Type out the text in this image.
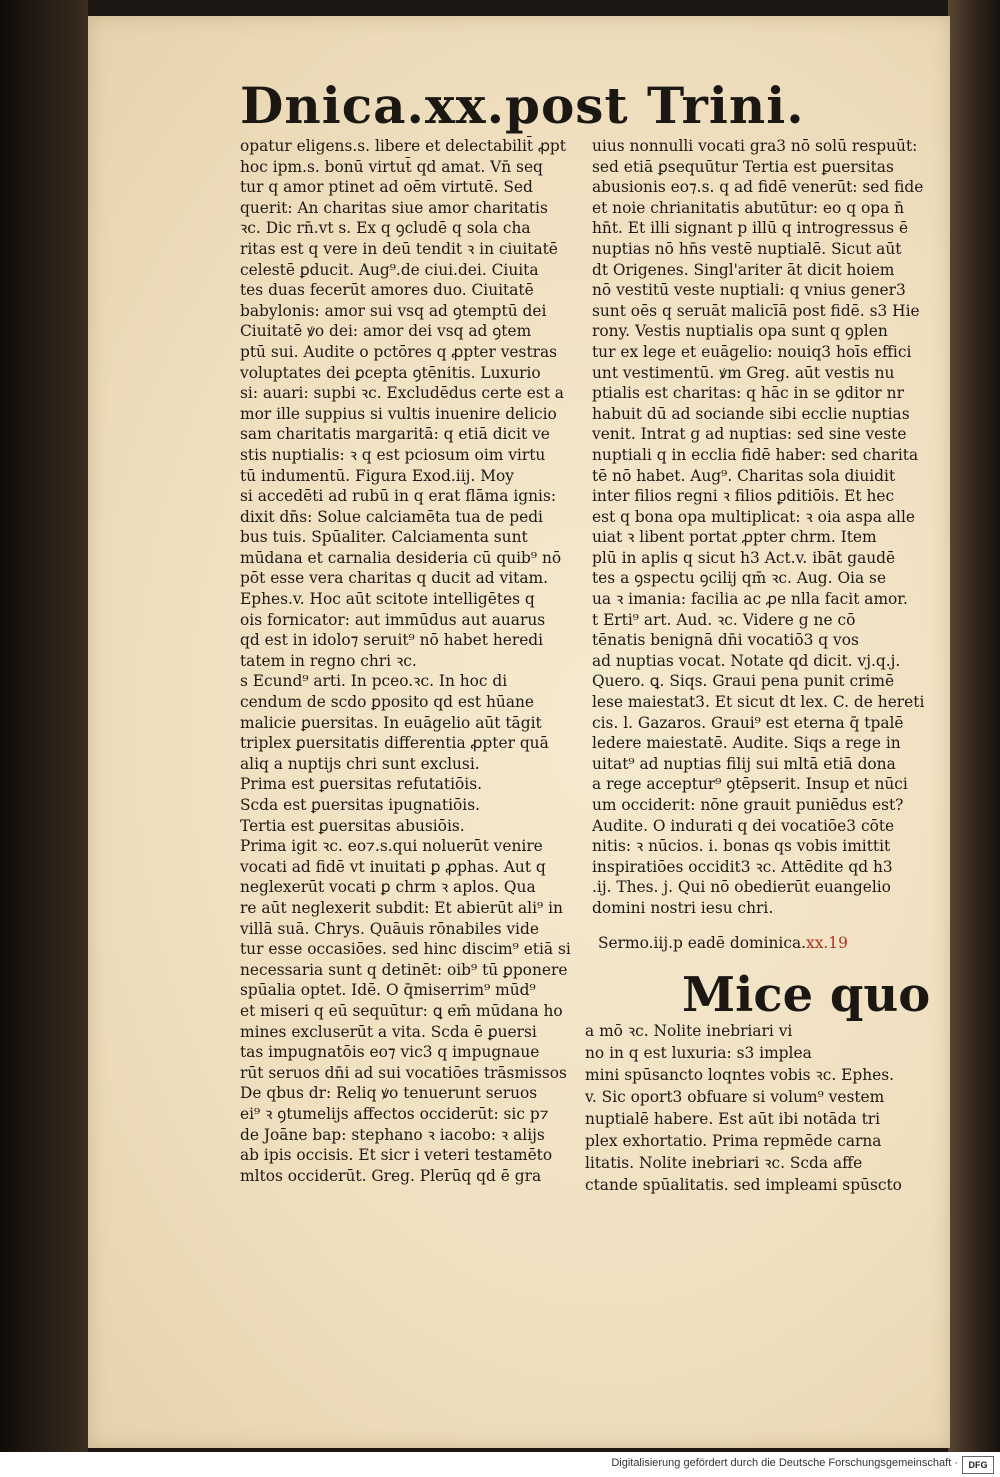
Dnica.xx.post Trini.
opatur eligens.s. libere et delectabilit̄ ꝓpt
hoc ipm.s. bonū virtut̄ qd amat. Vn̄ seq
tur q amor ptinet ad oēm virtutē. Sed
querit: An charitas siue amor charitatis
ꝛc. Dic rn̄.vt s. Ex q ꝯcludē q sola cha
ritas est q vere in deū tendit ꝛ in ciuitatē
celestē ꝑducit. Aug⁹.de ciui.dei. Ciuita
tes duas fecerūt amores duo. Ciuitatē
babylonis: amor sui vsq ad ꝯtemptū dei
Ciuitatē ꝟo dei: amor dei vsq ad ꝯtem
ptū sui. Audite o pctōres q ꝓpter vestras
voluptates dei ꝑcepta ꝯtēnitis. Luxurio
si: auari: supbi ꝛc. Excludēdus certe est a
mor ille suppius si vultis inuenire delicio
sam charitatis margaritā: q etiā dicit ve
stis nuptialis: ꝛ q est pciosum oim virtu
tū indumentū. Figura Exod.iij. Moy
si accedēti ad rubū in q erat flāma ignis:
dixit dn̄s: Solue calciamēta tua de pedi
bus tuis. Spūaliter. Calciamenta sunt
mūdana et carnalia desideria cū quib⁹ nō
pōt esse vera charitas q ducit ad vitam.
Ephes.v. Hoc aūt scitote intelligētes q
ois fornicator: aut immūdus aut auarus
qd est in idolo⁊ seruit⁹ nō habet heredi
tatem in regno chri ꝛc.
s Ecund⁹ arti. In pceo.ꝛc. In hoc di
cendum de scdo ꝑposito qd est hūane
malicie ꝑuersitas. In euāgelio aūt tāgit
triplex ꝑuersitatis differentia ꝓpter quā
aliq a nuptijs chri sunt exclusi.
Prima est ꝑuersitas refutatiōis.
Scda est ꝑuersitas ipugnatiōis.
Tertia est ꝑuersitas abusiōis.
Prima igit ꝛc. eo⁊.s.qui noluerūt venire
vocati ad fidē vt inuitati ꝑ ꝓphas. Aut q
neglexerūt vocati ꝑ chrm ꝛ aplos. Qua
re aūt neglexerit subdit: Et abierūt ali⁹ in
villā suā. Chrys. Quāuis rōnabiles vide
tur esse occasiōes. sed hinc discim⁹ etiā si
necessaria sunt q detinēt: oib⁹ tū ꝑponere
spūalia optet. Idē. O q̄miserrim⁹ mūd⁹
et miseri q eū sequūtur: ꝗ em̄ mūdana ho
mines excluserūt a vita. Scda ē ꝑuersi
tas impugnatōis eo⁊ vic3 q impugnaue
rūt seruos dn̄i ad sui vocatiōes trāsmissos
De qbus dr: Reliq ꝟo tenuerunt seruos
ei⁹ ꝛ ꝯtumelijs affectos occiderūt: sic p⁊
de Joāne bap: stephano ꝛ iacobo: ꝛ alijs
ab ipis occisis. Et sicr i veteri testamēto
mltos occiderūt. Greg. Plerūq qd ē gra
uius nonnulli vocati gra3 nō solū respuūt:
sed etiā ꝑsequūtur Tertia est ꝑuersitas
abusionis eo⁊.s. q ad fidē venerūt: sed fide
et noie chrianitatis abutūtur: eo q opa n̄
hn̄t. Et illi signant p illū q introgressus ē
nuptias nō hn̄s vestē nuptialē. Sicut aūt
dt Origenes. Singl'ariter āt dicit hoiem
nō vestitū veste nuptiali: q vnius gener3
sunt oēs q seruāt malicīā post fidē. s3 Hie
rony. Vestis nuptialis opa sunt q ꝯplen
tur ex lege et euāgelio: nouiq3 hoīs effici
unt vestimentū. ꝟm Greg. aūt vestis nu
ptialis est charitas: q hāc in se ꝯditor nr
habuit dū ad sociande sibi ecclie nuptias
venit. Intrat g ad nuptias: sed sine veste
nuptiali q in ecclia fidē haber: sed charita
tē nō habet. Aug⁹. Charitas sola diuidit
inter filios regni ꝛ filios ꝑditiōis. Et hec
est q bona opa multiplicat: ꝛ oia aspa alle
uiat ꝛ libent portat ꝓpter chrm. Item
plū in aplis q sicut h3 Act.v. ibāt gaudē
tes a ꝯspectu ꝯcilij qm̄ ꝛc. Aug. Oia se
ua ꝛ imania: facilia ac ꝓe nlla facit amor.
t Erti⁹ art. Aud. ꝛc. Videre g ne cō
tēnatis benignā dn̄i vocatiō3 q vos
ad nuptias vocat. Notate qd dicit. vj.q.j.
Quero. ꝗ. Siqs. Graui pena punit crimē
lese maiestat3. Et sicut dt lex. C. de hereti
cis. l. Gazaros. Graui⁹ est eterna q̄ tpalē
ledere maiestatē. Audite. Siqs a rege in
uitat⁹ ad nuptias filij sui mltā etiā dona
a rege acceptur⁹ ꝯtēpserit. Insup et nūci
um occiderit: nōne grauit puniēdus est?
Audite. O indurati q dei vocatiōe3 cōte
nitis: ꝛ nūcios. i. bonas qs vobis imittit
inspiratiōes occidit3 ꝛc. Attēdite qd h3
.ij. Thes. j. Qui nō obedierūt euangelio
domini nostri iesu chri.
Sermo.iij.p eadē dominica.xx.19
Mice quo
a mō ꝛc. Nolite inebriari vi
no in q est luxuria: s3 implea
mini spūsancto loqntes vobis ꝛc. Ephes.
v. Sic oport3 obfuare si volum⁹ vestem
nuptialē habere. Est aūt ibi notāda tri
plex exhortatio. Prima repmēde carna
litatis. Nolite inebriari ꝛc. Scda affe
ctande spūalitatis. sed impleami spūscto
Digitalisierung gefördert durch die Deutsche Forschungsgemeinschaft ·	DFG
